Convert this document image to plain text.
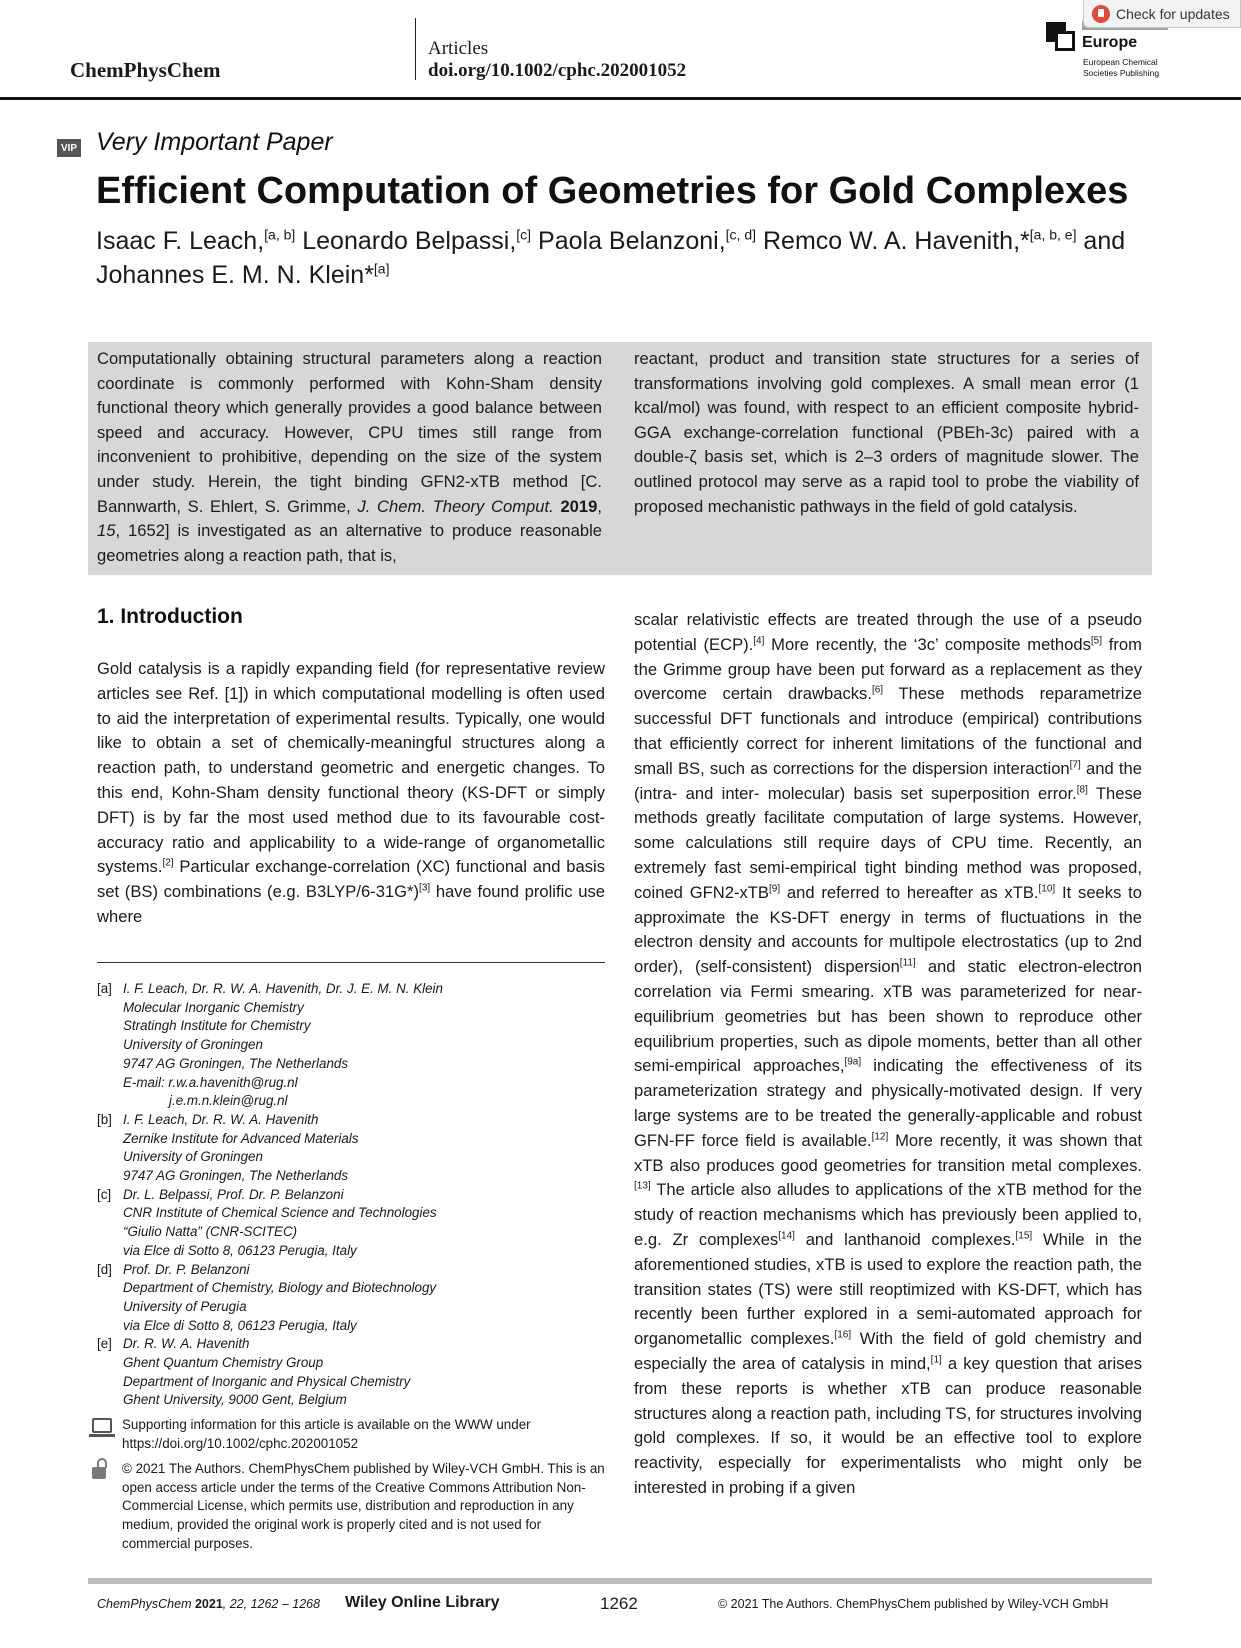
ChemPhysChem
Articles
doi.org/10.1002/cphc.202001052
Europe
European Chemical
Societies Publishing
Check for updates
VIP Very Important Paper
Efficient Computation of Geometries for Gold Complexes
Isaac F. Leach,[a, b] Leonardo Belpassi,[c] Paola Belanzoni,[c, d] Remco W. A. Havenith,*[a, b, e] and
Johannes E. M. N. Klein*[a]
Computationally obtaining structural parameters along a reaction coordinate is commonly performed with Kohn-Sham density functional theory which generally provides a good balance between speed and accuracy. However, CPU times still range from inconvenient to prohibitive, depending on the size of the system under study. Herein, the tight binding GFN2-xTB method [C. Bannwarth, S. Ehlert, S. Grimme, J. Chem. Theory Comput. 2019, 15, 1652] is investigated as an alternative to produce reasonable geometries along a reaction path, that is,
reactant, product and transition state structures for a series of transformations involving gold complexes. A small mean error (1 kcal/mol) was found, with respect to an efficient composite hybrid-GGA exchange-correlation functional (PBEh-3c) paired with a double-ζ basis set, which is 2–3 orders of magnitude slower. The outlined protocol may serve as a rapid tool to probe the viability of proposed mechanistic pathways in the field of gold catalysis.
1. Introduction
Gold catalysis is a rapidly expanding field (for representative review articles see Ref. [1]) in which computational modelling is often used to aid the interpretation of experimental results. Typically, one would like to obtain a set of chemically-meaningful structures along a reaction path, to understand geometric and energetic changes. To this end, Kohn-Sham density functional theory (KS-DFT or simply DFT) is by far the most used method due to its favourable cost-accuracy ratio and applicability to a wide-range of organometallic systems.[2] Particular exchange-correlation (XC) functional and basis set (BS) combinations (e.g. B3LYP/6-31G*)[3] have found prolific use where
scalar relativistic effects are treated through the use of a pseudo potential (ECP).[4] More recently, the ‘3c’ composite methods[5] from the Grimme group have been put forward as a replacement as they overcome certain drawbacks.[6] These methods reparametrize successful DFT functionals and introduce (empirical) contributions that efficiently correct for inherent limitations of the functional and small BS, such as corrections for the dispersion interaction[7] and the (intra- and inter- molecular) basis set superposition error.[8] These methods greatly facilitate computation of large systems. However, some calculations still require days of CPU time. Recently, an extremely fast semi-empirical tight binding method was proposed, coined GFN2-xTB[9] and referred to hereafter as xTB.[10] It seeks to approximate the KS-DFT energy in terms of fluctuations in the electron density and accounts for multipole electrostatics (up to 2nd order), (self-consistent) dispersion[11] and static electron-electron correlation via Fermi smearing. xTB was parameterized for near-equilibrium geometries but has been shown to reproduce other equilibrium properties, such as dipole moments, better than all other semi-empirical approaches,[9a] indicating the effectiveness of its parameterization strategy and physically-motivated design. If very large systems are to be treated the generally-applicable and robust GFN-FF force field is available.[12] More recently, it was shown that xTB also produces good geometries for transition metal complexes.[13] The article also alludes to applications of the xTB method for the study of reaction mechanisms which has previously been applied to, e.g. Zr complexes[14] and lanthanoid complexes.[15] While in the aforementioned studies, xTB is used to explore the reaction path, the transition states (TS) were still reoptimized with KS-DFT, which has recently been further explored in a semi-automated approach for organometallic complexes.[16] With the field of gold chemistry and especially the area of catalysis in mind,[1] a key question that arises from these reports is whether xTB can produce reasonable structures along a reaction path, including TS, for structures involving gold complexes. If so, it would be an effective tool to explore reactivity, especially for experimentalists who might only be interested in probing if a given
[a] I. F. Leach, Dr. R. W. A. Havenith, Dr. J. E. M. N. Klein
Molecular Inorganic Chemistry
Stratingh Institute for Chemistry
University of Groningen
9747 AG Groningen, The Netherlands
E-mail: r.w.a.havenith@rug.nl
j.e.m.n.klein@rug.nl
[b] I. F. Leach, Dr. R. W. A. Havenith
Zernike Institute for Advanced Materials
University of Groningen
9747 AG Groningen, The Netherlands
[c] Dr. L. Belpassi, Prof. Dr. P. Belanzoni
CNR Institute of Chemical Science and Technologies
“Giulio Natta” (CNR-SCITEC)
via Elce di Sotto 8, 06123 Perugia, Italy
[d] Prof. Dr. P. Belanzoni
Department of Chemistry, Biology and Biotechnology
University of Perugia
via Elce di Sotto 8, 06123 Perugia, Italy
[e] Dr. R. W. A. Havenith
Ghent Quantum Chemistry Group
Department of Inorganic and Physical Chemistry
Ghent University, 9000 Gent, Belgium
Supporting information for this article is available on the WWW under https://doi.org/10.1002/cphc.202001052
© 2021 The Authors. ChemPhysChem published by Wiley-VCH GmbH. This is an open access article under the terms of the Creative Commons Attribution Non-Commercial License, which permits use, distribution and reproduction in any medium, provided the original work is properly cited and is not used for commercial purposes.
ChemPhysChem 2021, 22, 1262 – 1268 Wiley Online Library	1262	© 2021 The Authors. ChemPhysChem published by Wiley-VCH GmbH
